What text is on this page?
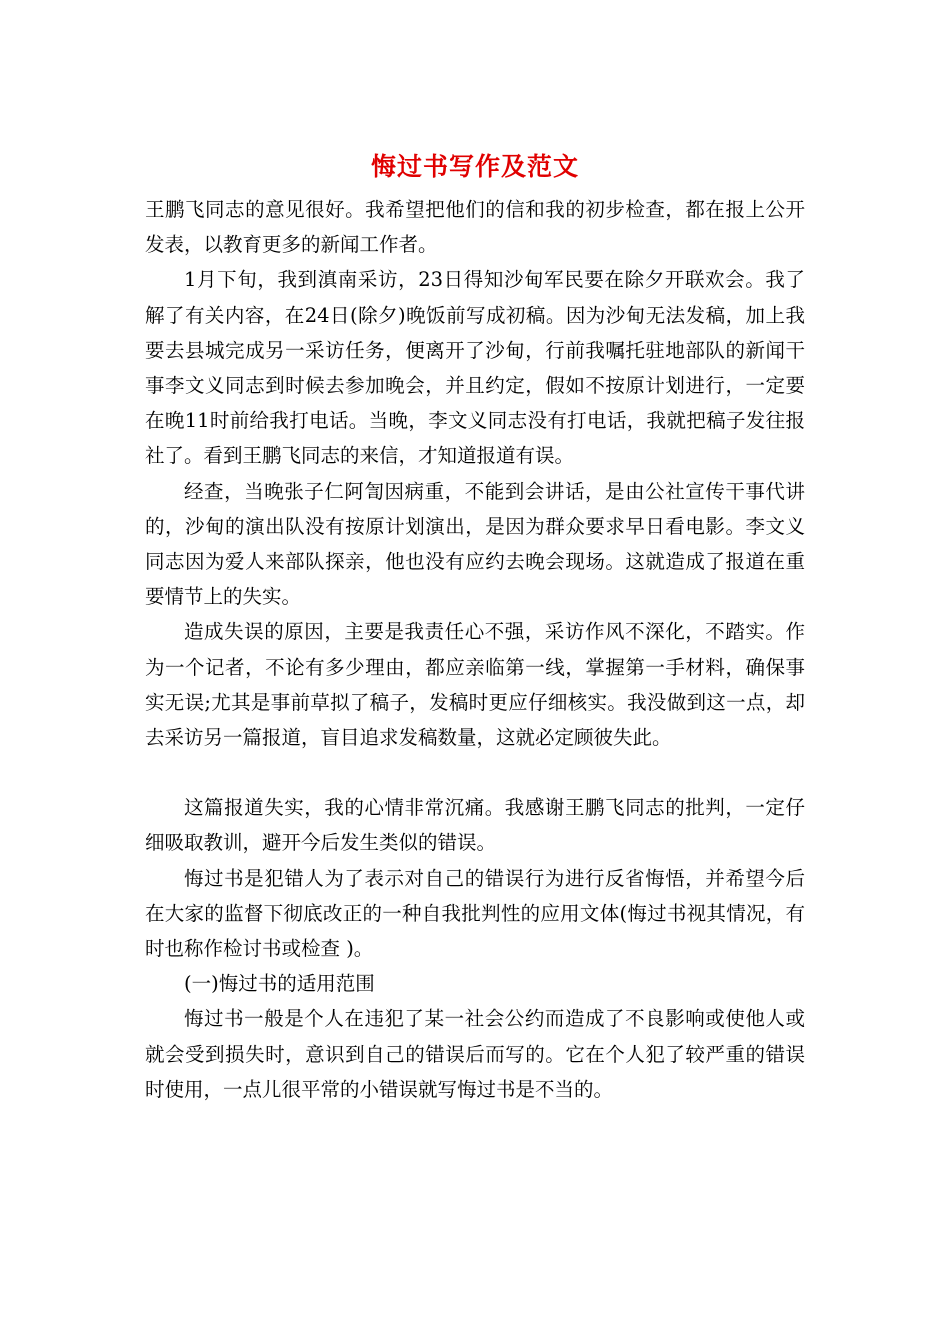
悔过书写作及范文

王鹏飞同志的意见很好。我希望把他们的信和我的初步检查，都在报上公开发表，以教育更多的新闻工作者。

1月下旬，我到滇南采访，23日得知沙甸军民要在除夕开联欢会。我了解了有关内容，在24日(除夕)晚饭前写成初稿。因为沙甸无法发稿，加上我要去县城完成另一采访任务，便离开了沙甸，行前我嘱托驻地部队的新闻干事李文义同志到时候去参加晚会，并且约定，假如不按原计划进行，一定要在晚11时前给我打电话。当晚，李文义同志没有打电话，我就把稿子发往报社了。看到王鹏飞同志的来信，才知道报道有误。

经查，当晚张子仁阿訇因病重，不能到会讲话，是由公社宣传干事代讲的，沙甸的演出队没有按原计划演出，是因为群众要求早日看电影。李文义同志因为爱人来部队探亲，他也没有应约去晚会现场。这就造成了报道在重要情节上的失实。

造成失误的原因，主要是我责任心不强，采访作风不深化，不踏实。作为一个记者，不论有多少理由，都应亲临第一线，掌握第一手材料，确保事实无误;尤其是事前草拟了稿子，发稿时更应仔细核实。我没做到这一点，却去采访另一篇报道，盲目追求发稿数量，这就必定顾彼失此。

这篇报道失实，我的心情非常沉痛。我感谢王鹏飞同志的批判，一定仔细吸取教训，避开今后发生类似的错误。

悔过书是犯错人为了表示对自己的错误行为进行反省悔悟，并希望今后在大家的监督下彻底改正的一种自我批判性的应用文体(悔过书视其情况，有时也称作检讨书或检查 )。

(一)悔过书的适用范围

悔过书一般是个人在违犯了某一社会公约而造成了不良影响或使他人或就会受到损失时，意识到自己的错误后而写的。它在个人犯了较严重的错误时使用，一点儿很平常的小错误就写悔过书是不当的。
